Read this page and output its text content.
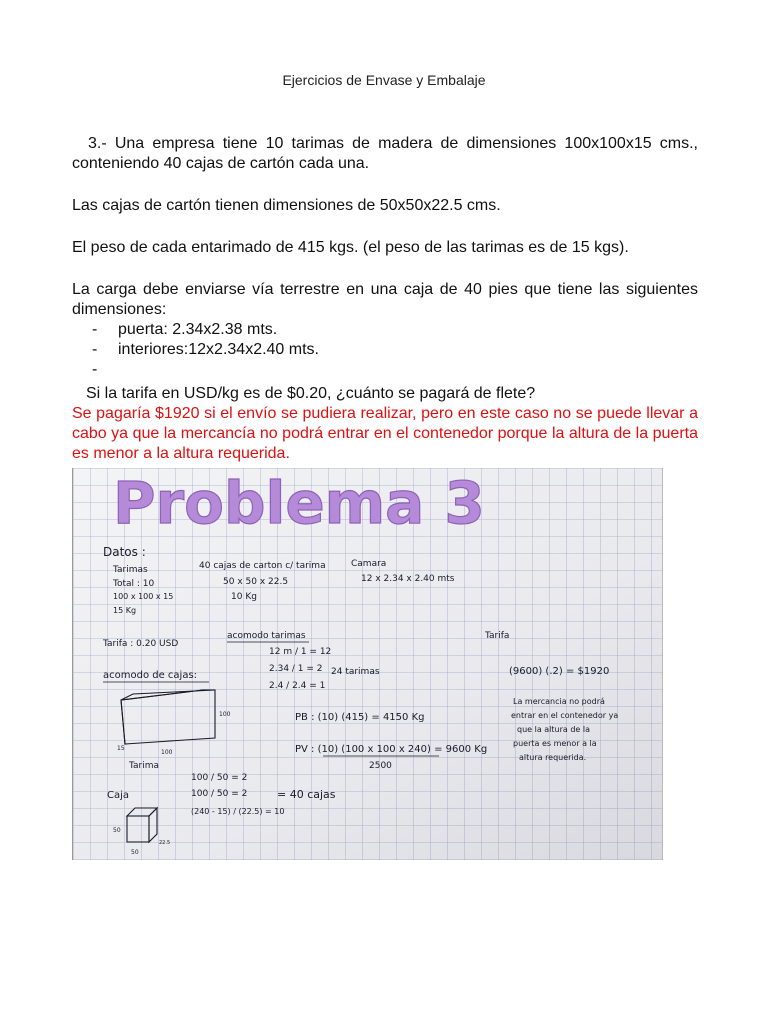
Ejercicios de Envase y Embalaje

3.- Una empresa tiene 10 tarimas de madera de dimensiones 100x100x15 cms., conteniendo 40 cajas de cartón cada una.

Las cajas de cartón tienen dimensiones de 50x50x22.5 cms.

El peso de cada entarimado de 415 kgs. (el peso de las tarimas es de 15 kgs).

La carga debe enviarse vía terrestre en una caja de 40 pies que tiene las siguientes dimensiones:

- puerta: 2.34x2.38 mts.
- interiores:12x2.34x2.40 mts.
-

Si la tarifa en USD/kg es de $0.20, ¿cuánto se pagará de flete?

Se pagaría $1920 si el envío se pudiera realizar, pero en este caso no se puede llevar a cabo ya que la mercancía no podrá entrar en el contenedor porque la altura de la puerta es menor a la altura requerida.

Problema 3
Datos :
Tarimas
Total : 10
100 x 100 x 15
15 Kg
40 cajas de carton c/ tarima
50 x 50 x 22.5
10 Kg
Camara
12 x 2.34 x 2.40 mts
Tarifa : 0.20 USD
acomodo tarimas
12 m / 1 = 12
2.34 / 1 = 2 24 tarimas
2.4 / 2.4 = 1
Tarifa
(9600) (.2) = $1920
acomodo de cajas:
100
15
100
Tarima
PB : (10) (415) = 4150 Kg
PV : (10) (100 x 100 x 240) = 9600 Kg
2500
La mercancia no podrá
entrar en el contenedor ya
que la altura de la
puerta es menor a la
altura requerida.
100 / 50 = 2
100 / 50 = 2	= 40 cajas
(240 - 15) / (22.5) = 10
Caja
50
50
22.5
